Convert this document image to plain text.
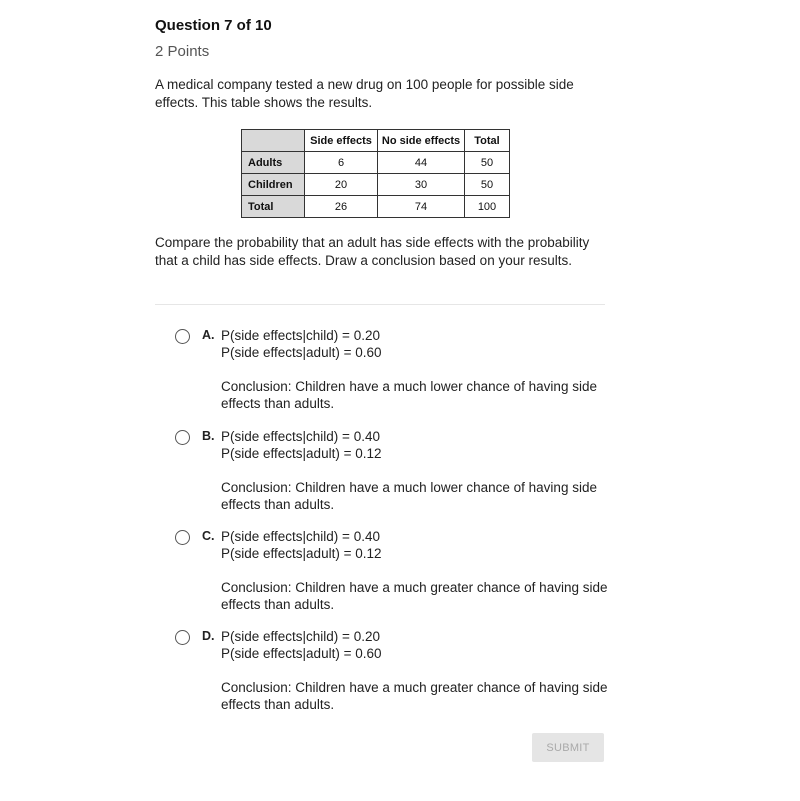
Question 7 of 10
2 Points
A medical company tested a new drug on 100 people for possible side effects. This table shows the results.
	Side effects	No side effects	Total
Adults	6	44	50
Children	20	30	50
Total	26	74	100
Compare the probability that an adult has side effects with the probability that a child has side effects. Draw a conclusion based on your results.
A. P(side effects|child) = 0.20
P(side effects|adult) = 0.60
Conclusion: Children have a much lower chance of having side effects than adults.
B. P(side effects|child) = 0.40
P(side effects|adult) = 0.12
Conclusion: Children have a much lower chance of having side effects than adults.
C. P(side effects|child) = 0.40
P(side effects|adult) = 0.12
Conclusion: Children have a much greater chance of having side effects than adults.
D. P(side effects|child) = 0.20
P(side effects|adult) = 0.60
Conclusion: Children have a much greater chance of having side effects than adults.
SUBMIT
